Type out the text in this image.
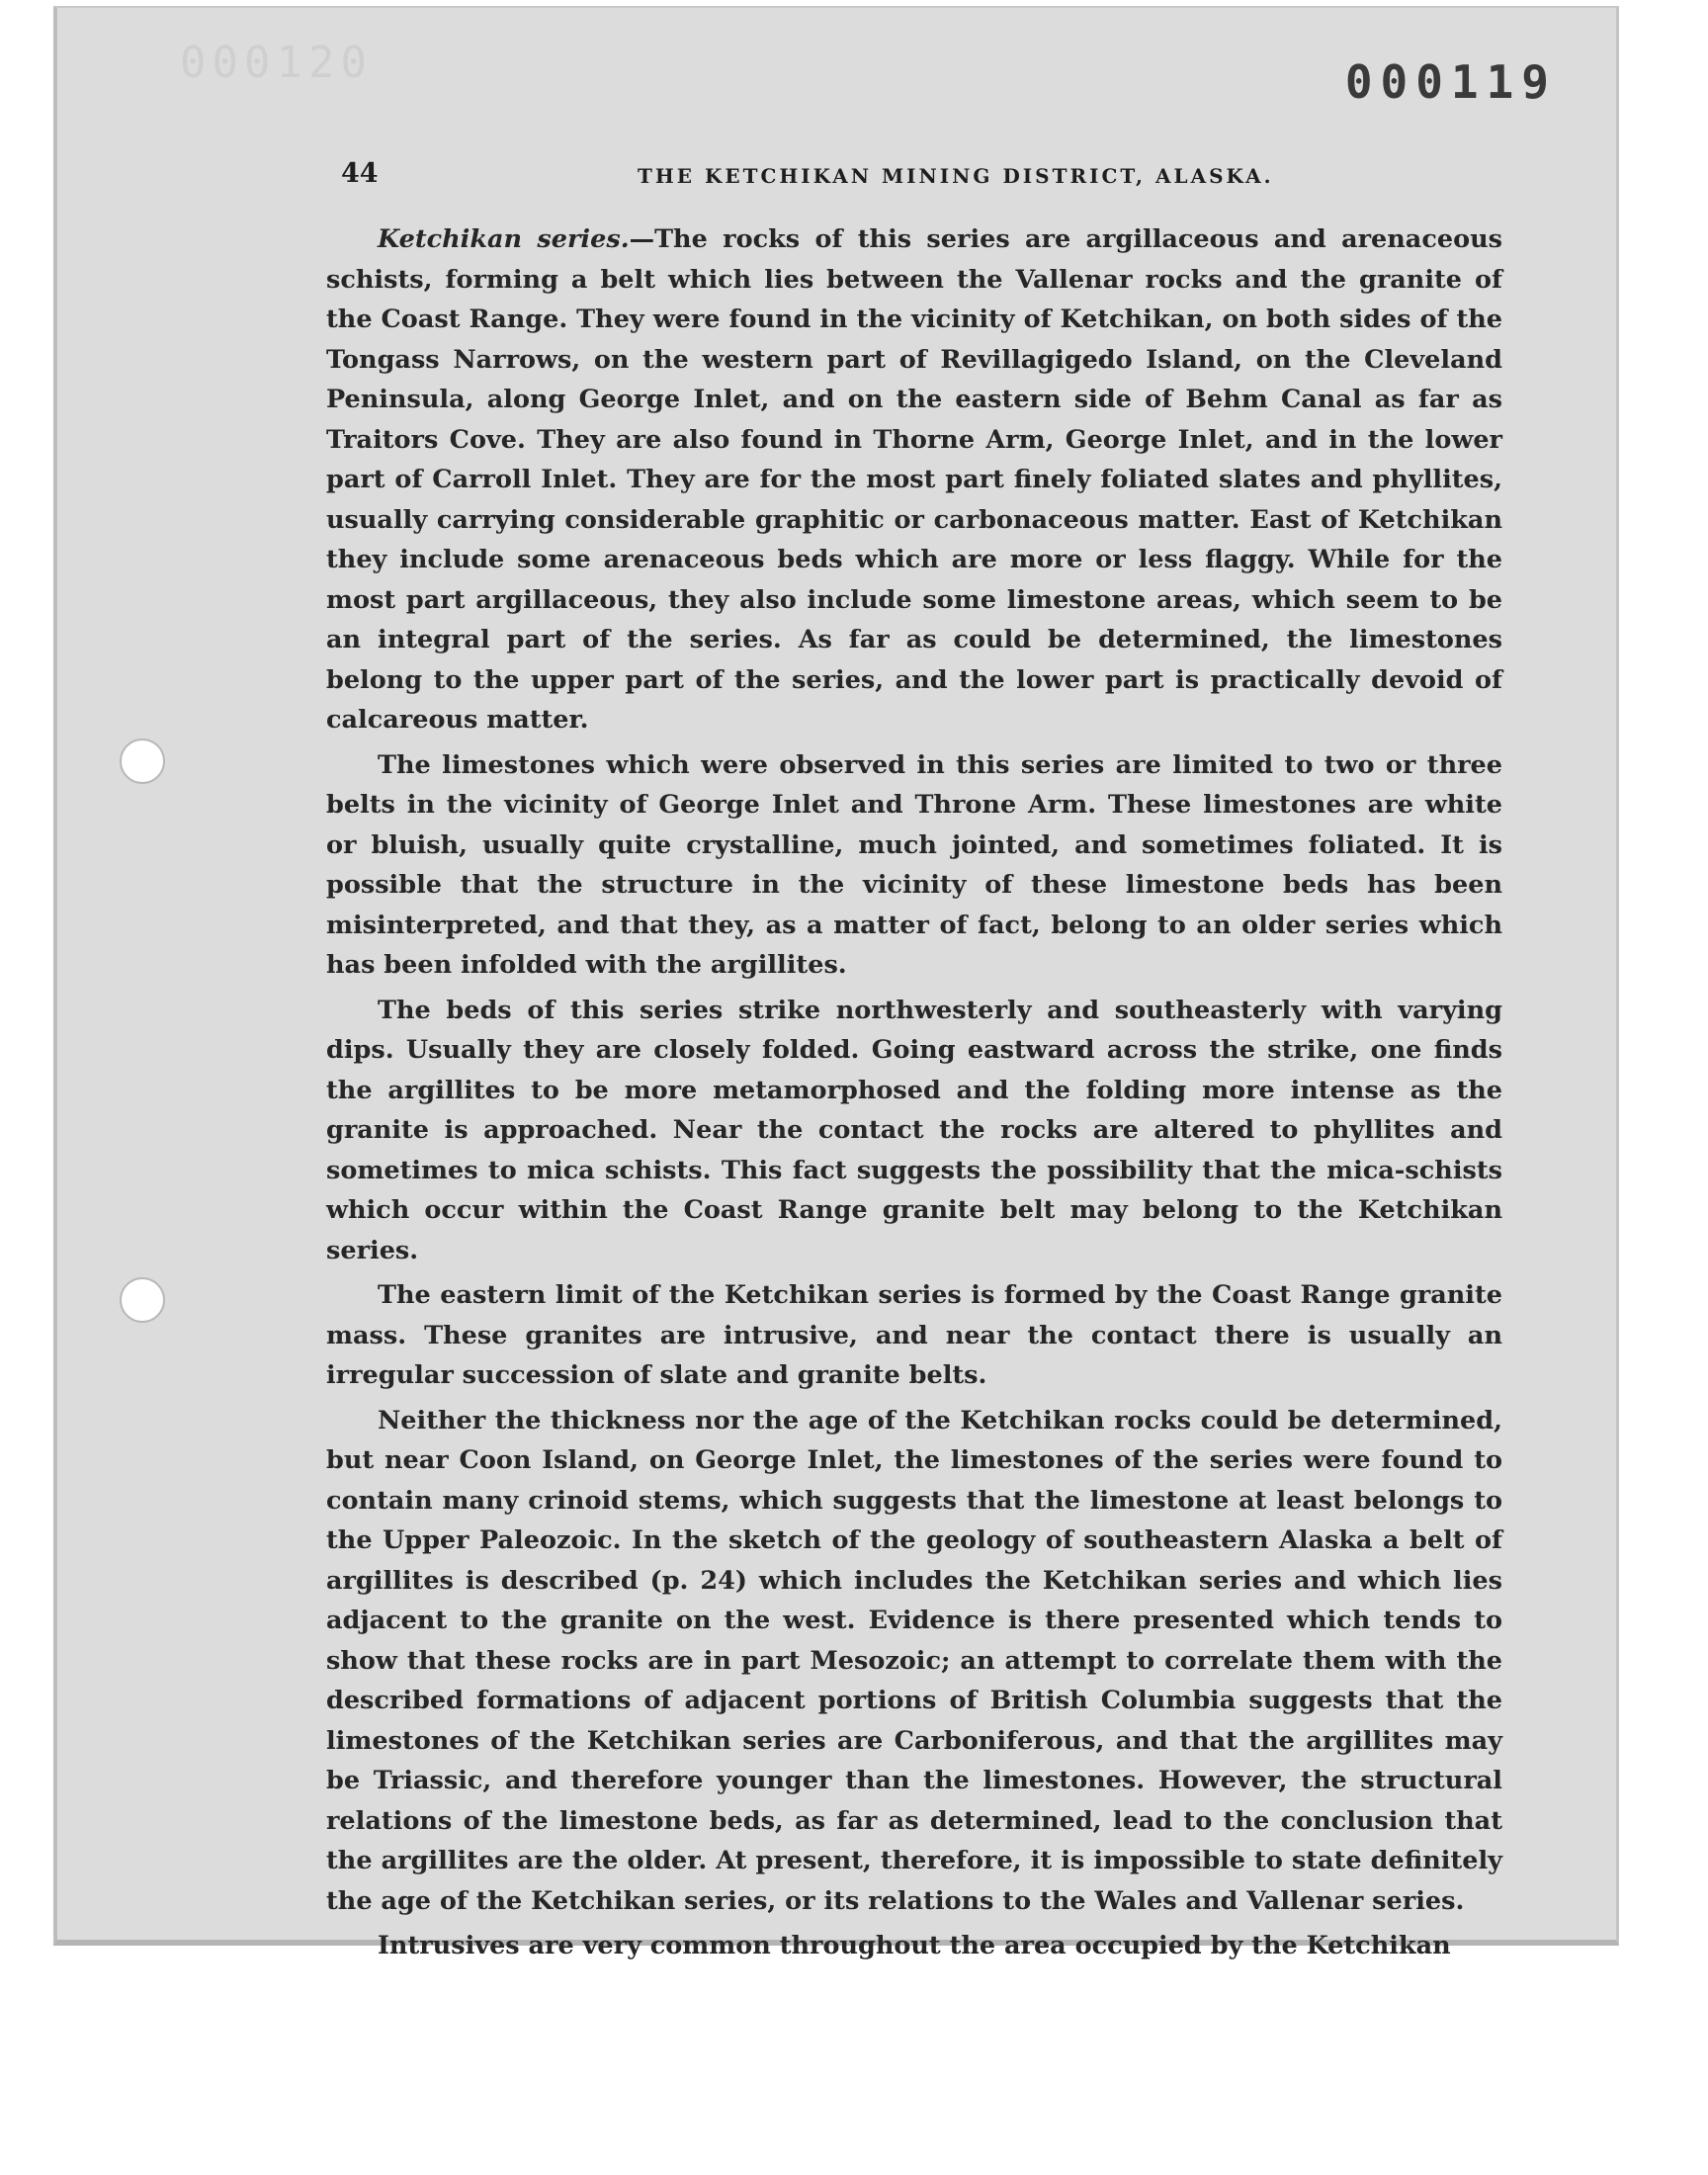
000120	000119
44	THE KETCHIKAN MINING DISTRICT, ALASKA.

Ketchikan series.—The rocks of this series are argillaceous and arenaceous schists, forming a belt which lies between the Vallenar rocks and the granite of the Coast Range. They were found in the vicinity of Ketchikan, on both sides of the Tongass Narrows, on the western part of Revillagigedo Island, on the Cleveland Peninsula, along George Inlet, and on the eastern side of Behm Canal as far as Traitors Cove. They are also found in Thorne Arm, George Inlet, and in the lower part of Carroll Inlet. They are for the most part finely foliated slates and phyllites, usually carrying considerable graphitic or carbonaceous matter. East of Ketchikan they include some arenaceous beds which are more or less flaggy. While for the most part argillaceous, they also include some limestone areas, which seem to be an integral part of the series. As far as could be determined, the limestones belong to the upper part of the series, and the lower part is practically devoid of calcareous matter.

The limestones which were observed in this series are limited to two or three belts in the vicinity of George Inlet and Throne Arm. These limestones are white or bluish, usually quite crystalline, much jointed, and sometimes foliated. It is possible that the structure in the vicinity of these limestone beds has been misinterpreted, and that they, as a matter of fact, belong to an older series which has been infolded with the argillites.

The beds of this series strike northwesterly and southeasterly with varying dips. Usually they are closely folded. Going eastward across the strike, one finds the argillites to be more metamorphosed and the folding more intense as the granite is approached. Near the contact the rocks are altered to phyllites and sometimes to mica schists. This fact suggests the possibility that the mica-schists which occur within the Coast Range granite belt may belong to the Ketchikan series.

The eastern limit of the Ketchikan series is formed by the Coast Range granite mass. These granites are intrusive, and near the contact there is usually an irregular succession of slate and granite belts.

Neither the thickness nor the age of the Ketchikan rocks could be determined, but near Coon Island, on George Inlet, the limestones of the series were found to contain many crinoid stems, which suggests that the limestone at least belongs to the Upper Paleozoic. In the sketch of the geology of southeastern Alaska a belt of argillites is described (p. 24) which includes the Ketchikan series and which lies adjacent to the granite on the west. Evidence is there presented which tends to show that these rocks are in part Mesozoic; an attempt to correlate them with the described formations of adjacent portions of British Columbia suggests that the limestones of the Ketchikan series are Carboniferous, and that the argillites may be Triassic, and therefore younger than the limestones. However, the structural relations of the limestone beds, as far as determined, lead to the conclusion that the argillites are the older. At present, therefore, it is impossible to state definitely the age of the Ketchikan series, or its relations to the Wales and Vallenar series.

Intrusives are very common throughout the area occupied by the Ketchikan
